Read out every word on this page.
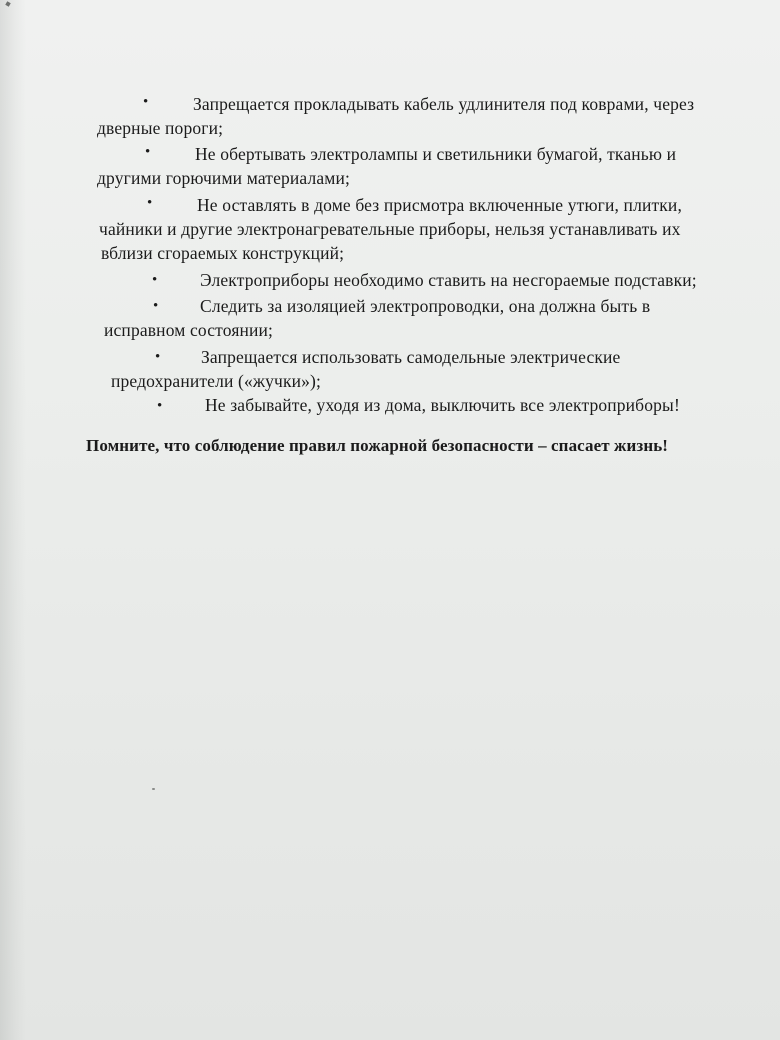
•	Запрещается прокладывать кабель удлинителя под коврами, через
дверные пороги;
•	Не обертывать электролампы и светильники бумагой, тканью и
другими горючими материалами;
•	Не оставлять в доме без присмотра включенные утюги, плитки,
чайники и другие электронагревательные приборы, нельзя устанавливать их
вблизи сгораемых конструкций;
• Электроприборы необходимо ставить на несгораемые подставки;
• Следить за изоляцией электропроводки, она должна быть в
исправном состоянии;
• Запрещается использовать самодельные электрические
предохранители («жучки»);
• Не забывайте, уходя из дома, выключить все электроприборы!
Помните, что соблюдение правил пожарной безопасности – спасает жизнь!
